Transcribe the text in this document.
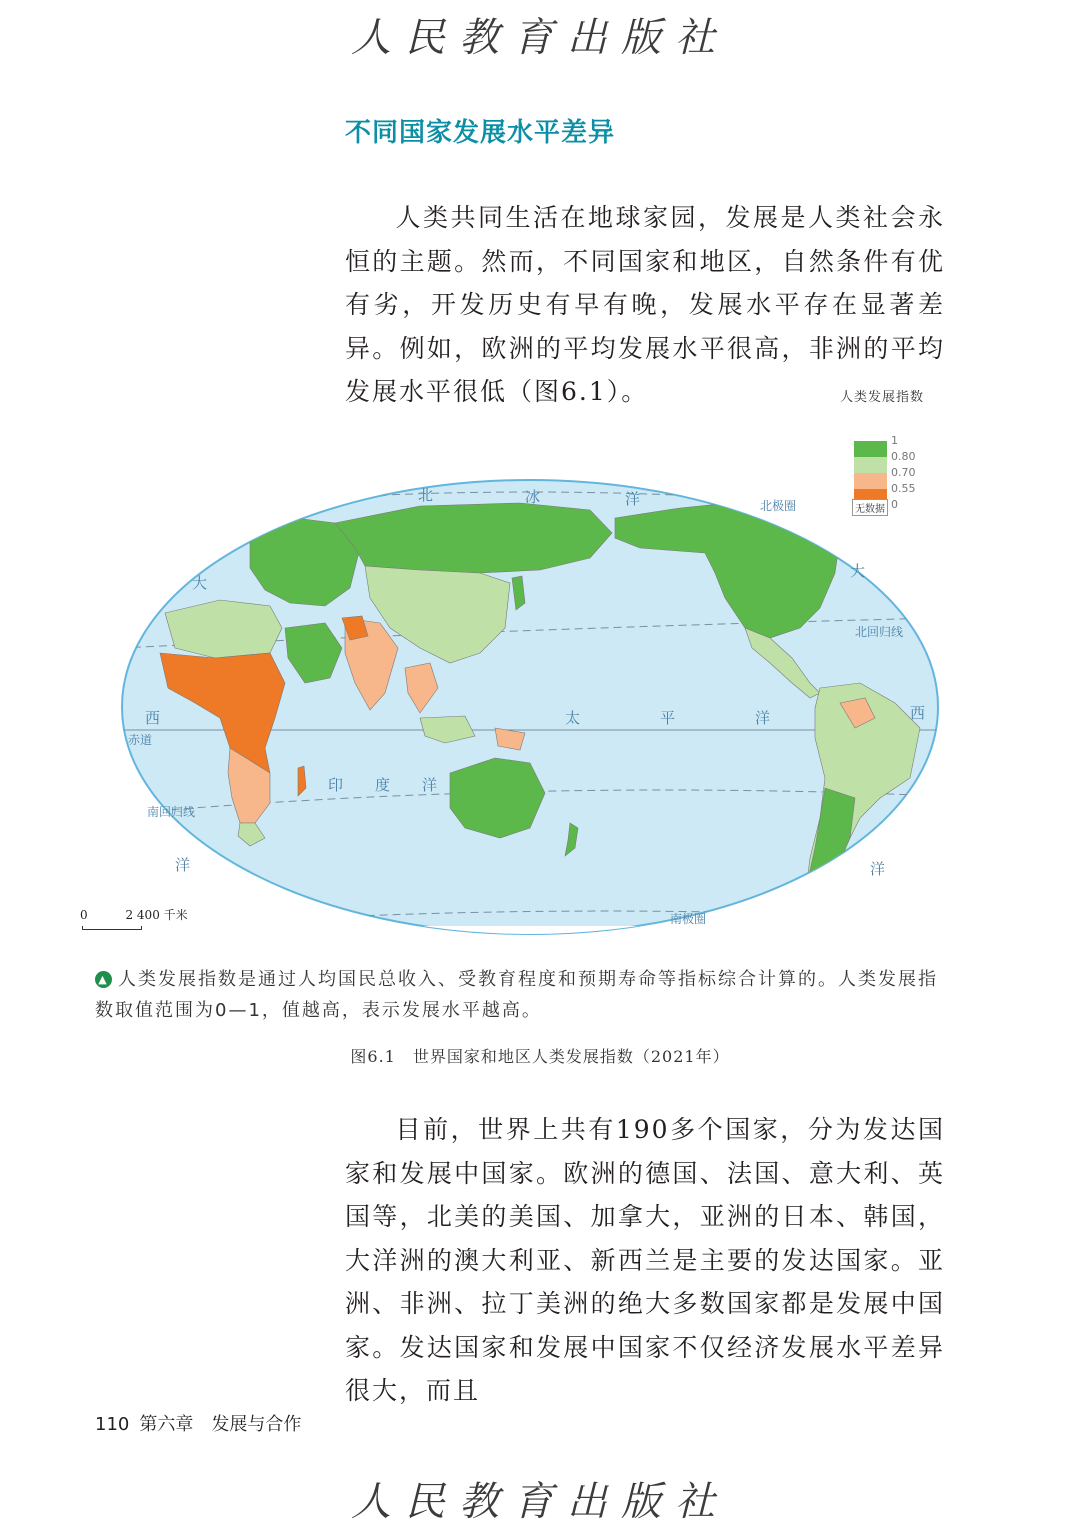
人民教育出版社
不同国家发展水平差异
人类共同生活在地球家园，发展是人类社会永恒的主题。然而，不同国家和地区，自然条件有优有劣，开发历史有早有晚，发展水平存在显著差异。例如，欧洲的平均发展水平很高，非洲的平均发展水平很低（图6.1）。	人类发展指数
1
0.80
0.70
0.55
0
无数据
北	冰	洋
大
西
洋
大
西
洋
太	平	洋
印 度 洋
北极圈
北回归线
赤道
南回归线
南极圈
0	2 400 千米
▲ 人类发展指数是通过人均国民总收入、受教育程度和预期寿命等指标综合计算的。人类发展指数取值范围为0—1，值越高，表示发展水平越高。
图6.1　世界国家和地区人类发展指数（2021年）
目前，世界上共有190多个国家，分为发达国家和发展中国家。欧洲的德国、法国、意大利、英国等，北美的美国、加拿大，亚洲的日本、韩国，大洋洲的澳大利亚、新西兰是主要的发达国家。亚洲、非洲、拉丁美洲的绝大多数国家都是发展中国家。发达国家和发展中国家不仅经济发展水平差异很大，而且
110 第六章　发展与合作
人民教育出版社
